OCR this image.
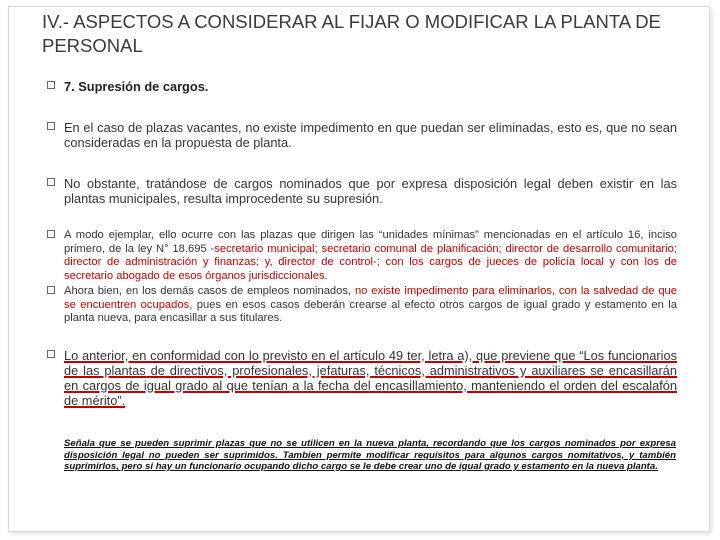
IV.- ASPECTOS A CONSIDERAR AL FIJAR O MODIFICAR LA PLANTA DE PERSONAL
7. Supresión de cargos.
En el caso de plazas vacantes, no existe impedimento en que puedan ser eliminadas, esto es, que no sean consideradas en la propuesta de planta.
No obstante, tratándose de cargos nominados que por expresa disposición legal deben existir en las plantas municipales, resulta improcedente su supresión.
A modo ejemplar, ello ocurre con las plazas que dirigen las “unidades mínimas” mencionadas en el artículo 16, inciso primero, de la ley N° 18.695 -secretario municipal; secretario comunal de planificación; director de desarrollo comunitario; director de administración y finanzas; y, director de control-; con los cargos de jueces de policía local y con los de secretario abogado de esos órganos jurisdiccionales.
Ahora bien, en los demás casos de empleos nominados, no existe impedimento para eliminarlos, con la salvedad de que se encuentren ocupados, pues en esos casos deberán crearse al efecto otros cargos de igual grado y estamento en la planta nueva, para encasillar a sus titulares.
Lo anterior, en conformidad con lo previsto en el artículo 49 ter, letra a), que previene que “Los funcionarios de las plantas de directivos, profesionales, jefaturas, técnicos, administrativos y auxiliares se encasillarán en cargos de igual grado al que tenían a la fecha del encasillamiento, manteniendo el orden del escalafón de mérito”.

Señala que se pueden suprimir plazas que no se utilicen en la nueva planta, recordando que los cargos nominados por expresa disposición legal no pueden ser suprimidos. Tambien permite modificar requisitos para algunos cargos nomitativos, y también suprimirlos, pero si hay un funcionario ocupando dicho cargo se le debe crear uno de igual grado y estamento en la nueva planta.
